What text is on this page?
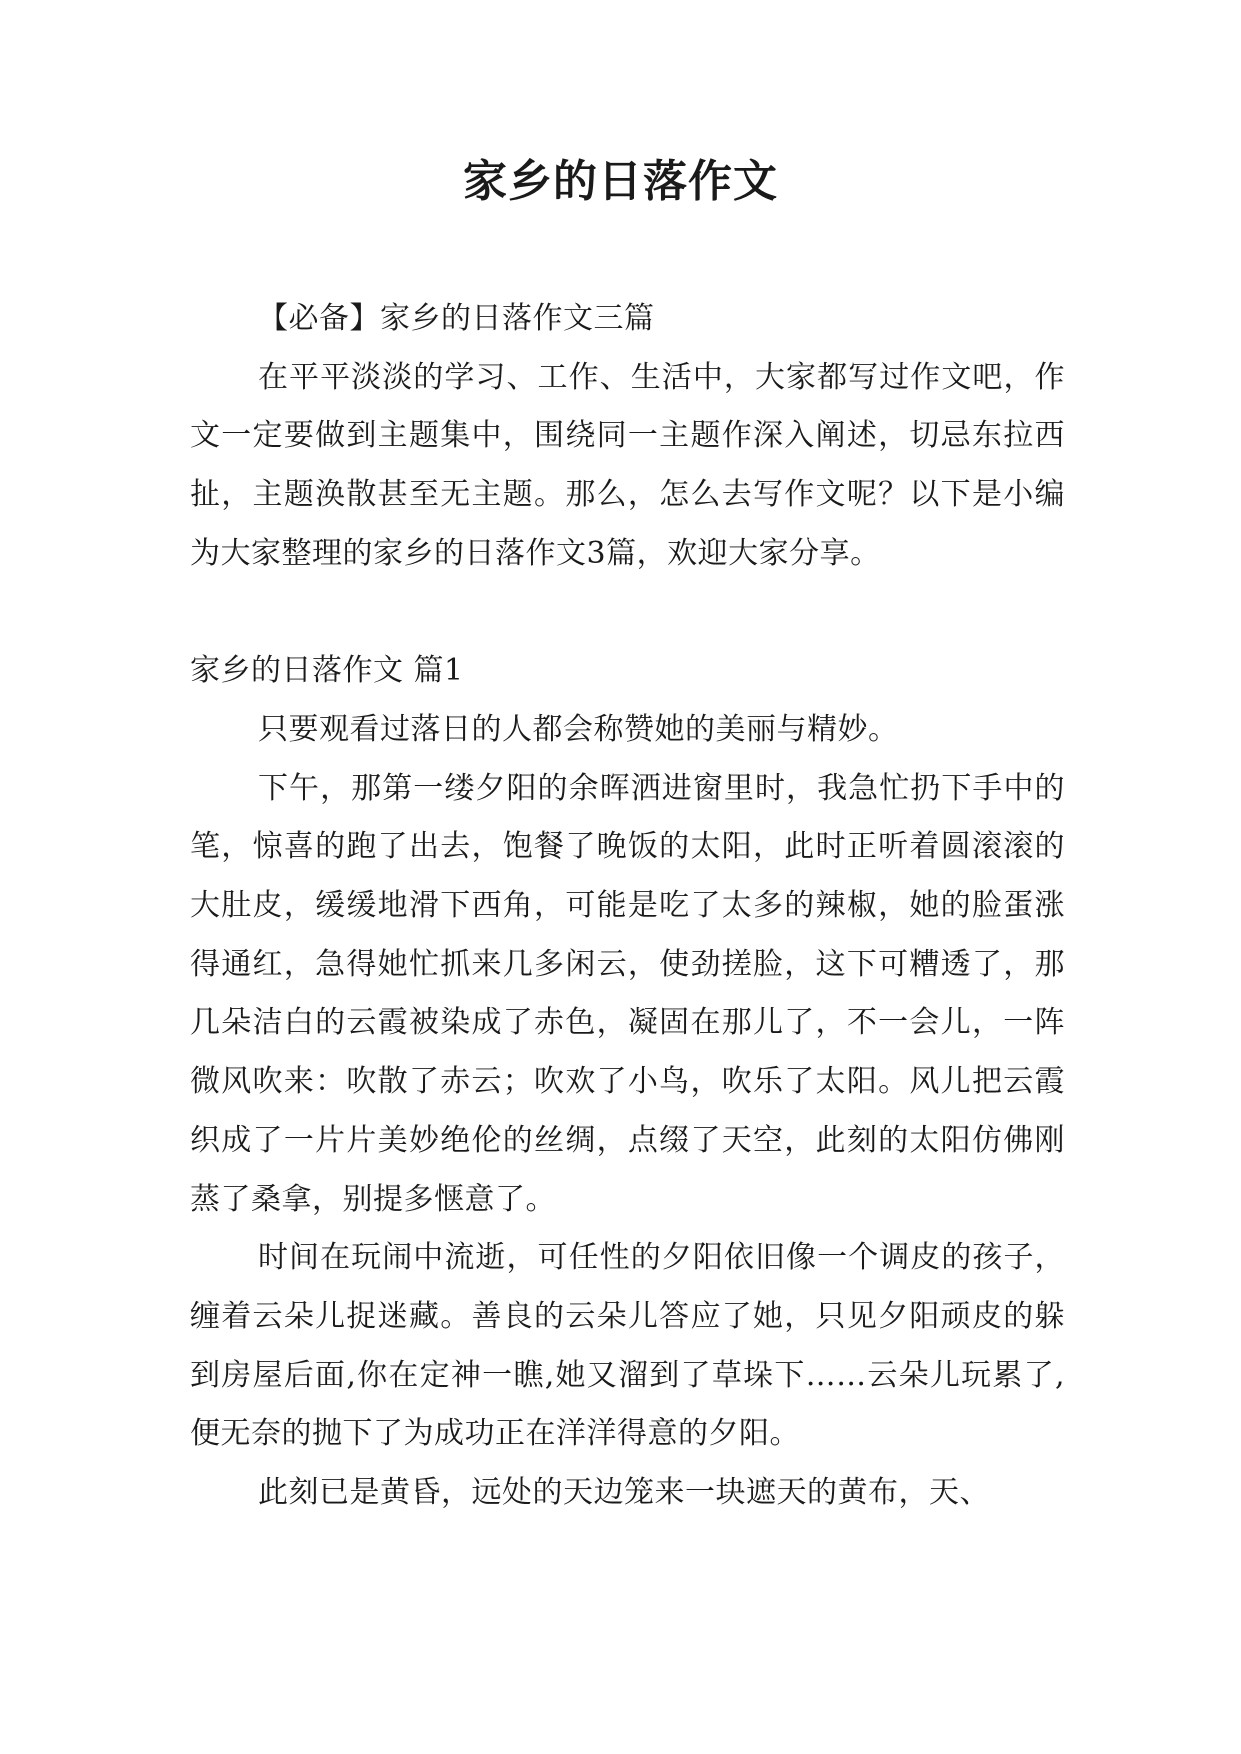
家乡的日落作文

【必备】家乡的日落作文三篇

在平平淡淡的学习、工作、生活中，大家都写过作文吧，作文一定要做到主题集中，围绕同一主题作深入阐述，切忌东拉西扯，主题涣散甚至无主题。那么，怎么去写作文呢？以下是小编为大家整理的家乡的日落作文3篇，欢迎大家分享。

家乡的日落作文 篇1

只要观看过落日的人都会称赞她的美丽与精妙。

下午，那第一缕夕阳的余晖洒进窗里时，我急忙扔下手中的笔，惊喜的跑了出去，饱餐了晚饭的太阳，此时正听着圆滚滚的大肚皮，缓缓地滑下西角，可能是吃了太多的辣椒，她的脸蛋涨得通红，急得她忙抓来几多闲云，使劲搓脸，这下可糟透了，那几朵洁白的云霞被染成了赤色，凝固在那儿了，不一会儿，一阵微风吹来：吹散了赤云；吹欢了小鸟，吹乐了太阳。风儿把云霞织成了一片片美妙绝伦的丝绸，点缀了天空，此刻的太阳仿佛刚蒸了桑拿，别提多惬意了。

时间在玩闹中流逝，可任性的夕阳依旧像一个调皮的孩子，缠着云朵儿捉迷藏。善良的云朵儿答应了她，只见夕阳顽皮的躲到房屋后面,你在定神一瞧,她又溜到了草垛下……云朵儿玩累了,便无奈的抛下了为成功正在洋洋得意的夕阳。

此刻已是黄昏，远处的天边笼来一块遮天的黄布，天、
